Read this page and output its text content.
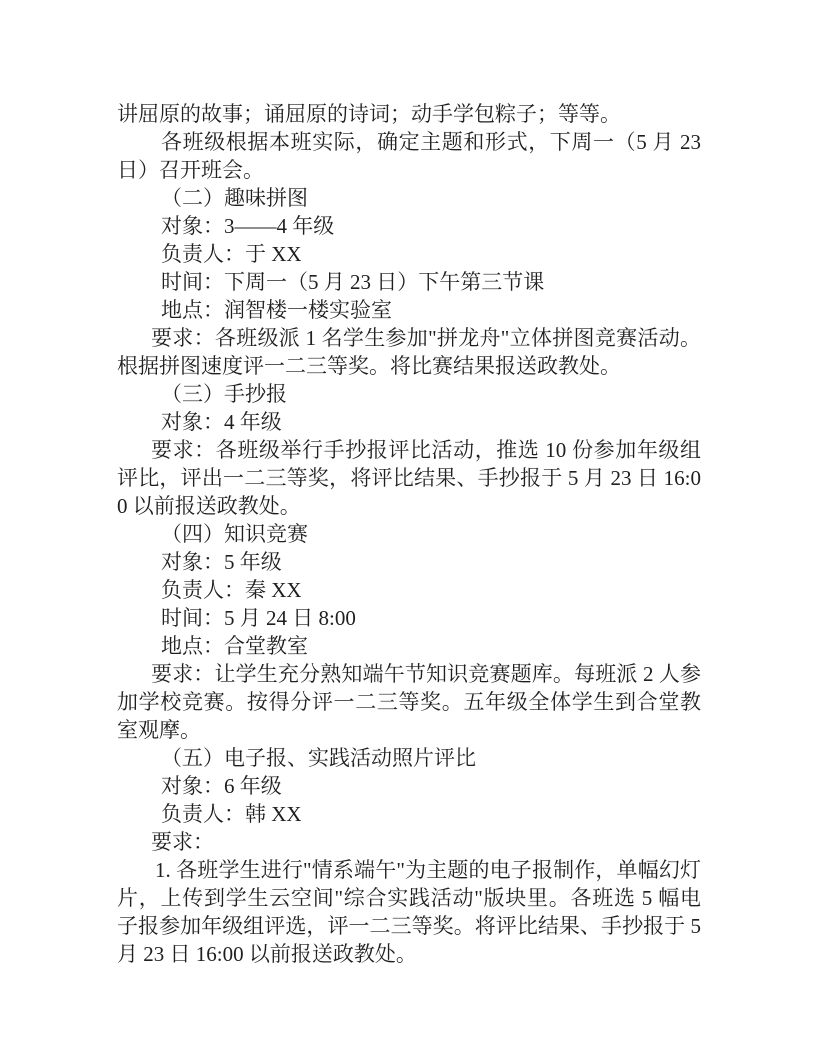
讲屈原的故事；诵屈原的诗词；动手学包粽子；等等。

各班级根据本班实际，确定主题和形式，下周一（5 月 23 日）召开班会。

（二）趣味拼图

对象：3——4 年级

负责人：于 XX

时间：下周一（5 月 23 日）下午第三节课

地点：润智楼一楼实验室

要求：各班级派 1 名学生参加"拼龙舟"立体拼图竞赛活动。根据拼图速度评一二三等奖。将比赛结果报送政教处。

（三）手抄报

对象：4 年级

要求：各班级举行手抄报评比活动，推选 10 份参加年级组评比，评出一二三等奖，将评比结果、手抄报于 5 月 23 日 16:00 以前报送政教处。

（四）知识竞赛

对象：5 年级

负责人：秦 XX

时间：5 月 24 日 8:00

地点：合堂教室

要求：让学生充分熟知端午节知识竞赛题库。每班派 2 人参加学校竞赛。按得分评一二三等奖。五年级全体学生到合堂教室观摩。

（五）电子报、实践活动照片评比

对象：6 年级

负责人：韩 XX

要求：

1. 各班学生进行"情系端午"为主题的电子报制作，单幅幻灯片，上传到学生云空间"综合实践活动"版块里。各班选 5 幅电子报参加年级组评选，评一二三等奖。将评比结果、手抄报于 5 月 23 日 16:00 以前报送政教处。
